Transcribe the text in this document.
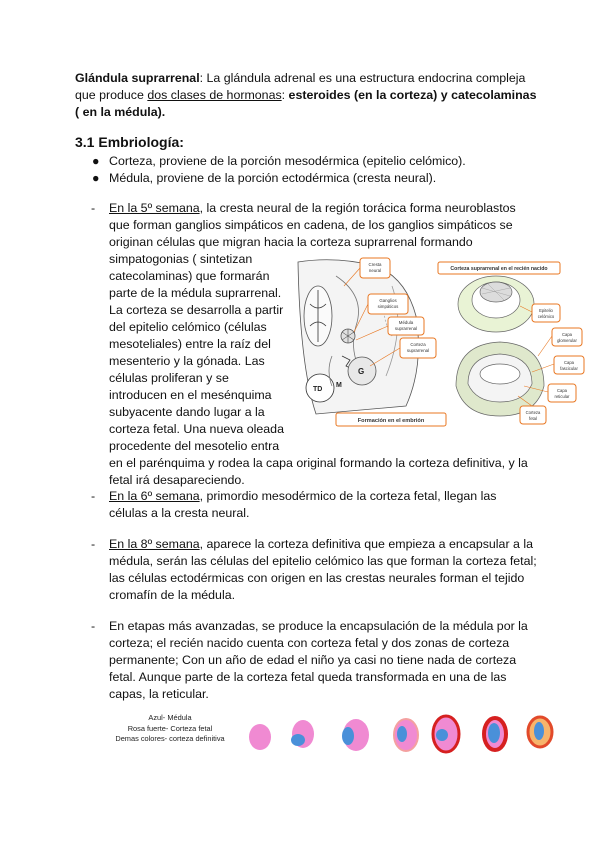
Glándula suprarrenal: La glándula adrenal es una estructura endocrina compleja

que produce dos clases de hormonas: esteroides (en la corteza) y catecolaminas

( en la médula).

3.1 Embriología:
● Corteza, proviene de la porción mesodérmica (epitelio celómico).

● Médula, proviene de la porción ectodérmica (cresta neural).

- En la 5º semana, la cresta neural de la región torácica forma neuroblastos

que forman ganglios simpáticos en cadena, de los ganglios simpáticos se

originan células que migran hacia la corteza suprarrenal formando

simpatogonias ( sintetizan

catecolaminas) que formarán

parte de la médula suprarrenal.

La corteza se desarrolla a partir

del epitelio celómico (células

mesoteliales) entre la raíz del

mesenterio y la gónada. Las

células proliferan y se

introducen en el mesénquima

subyacente dando lugar a la

corteza fetal. Una nueva oleada

procedente del mesotelio entra

en el parénquima y rodea la capa original formando la corteza definitiva, y la

fetal irá desapareciendo.

M
G
TD
Cresta
neural
Ganglios
simpáticos
Médula
suprarrenal
Corteza
suprarrenal
Formación en el embrión
Corteza suprarrenal en el recién nacido
Epitelio
celómico
Capa
glomerular
Capa
fascicular
Capa
reticular
Corteza
fetal
- En la 6º semana, primordio mesodérmico de la corteza fetal, llegan las

células a la cresta neural.

- En la 8º semana, aparece la corteza definitiva que empieza a encapsular a la

médula, serán las células del epitelio celómico las que forman la corteza fetal;

las células ectodérmicas con origen en las crestas neurales forman el tejido

cromafín de la médula.

- En etapas más avanzadas, se produce la encapsulación de la médula por la

corteza; el recién nacido cuenta con corteza fetal y dos zonas de corteza

permanente; Con un año de edad el niño ya casi no tiene nada de corteza

fetal. Aunque parte de la corteza fetal queda transformada en una de las

capas, la reticular.

Azul- Médula
Rosa fuerte- Corteza fetal
Demas colores- corteza definitiva
